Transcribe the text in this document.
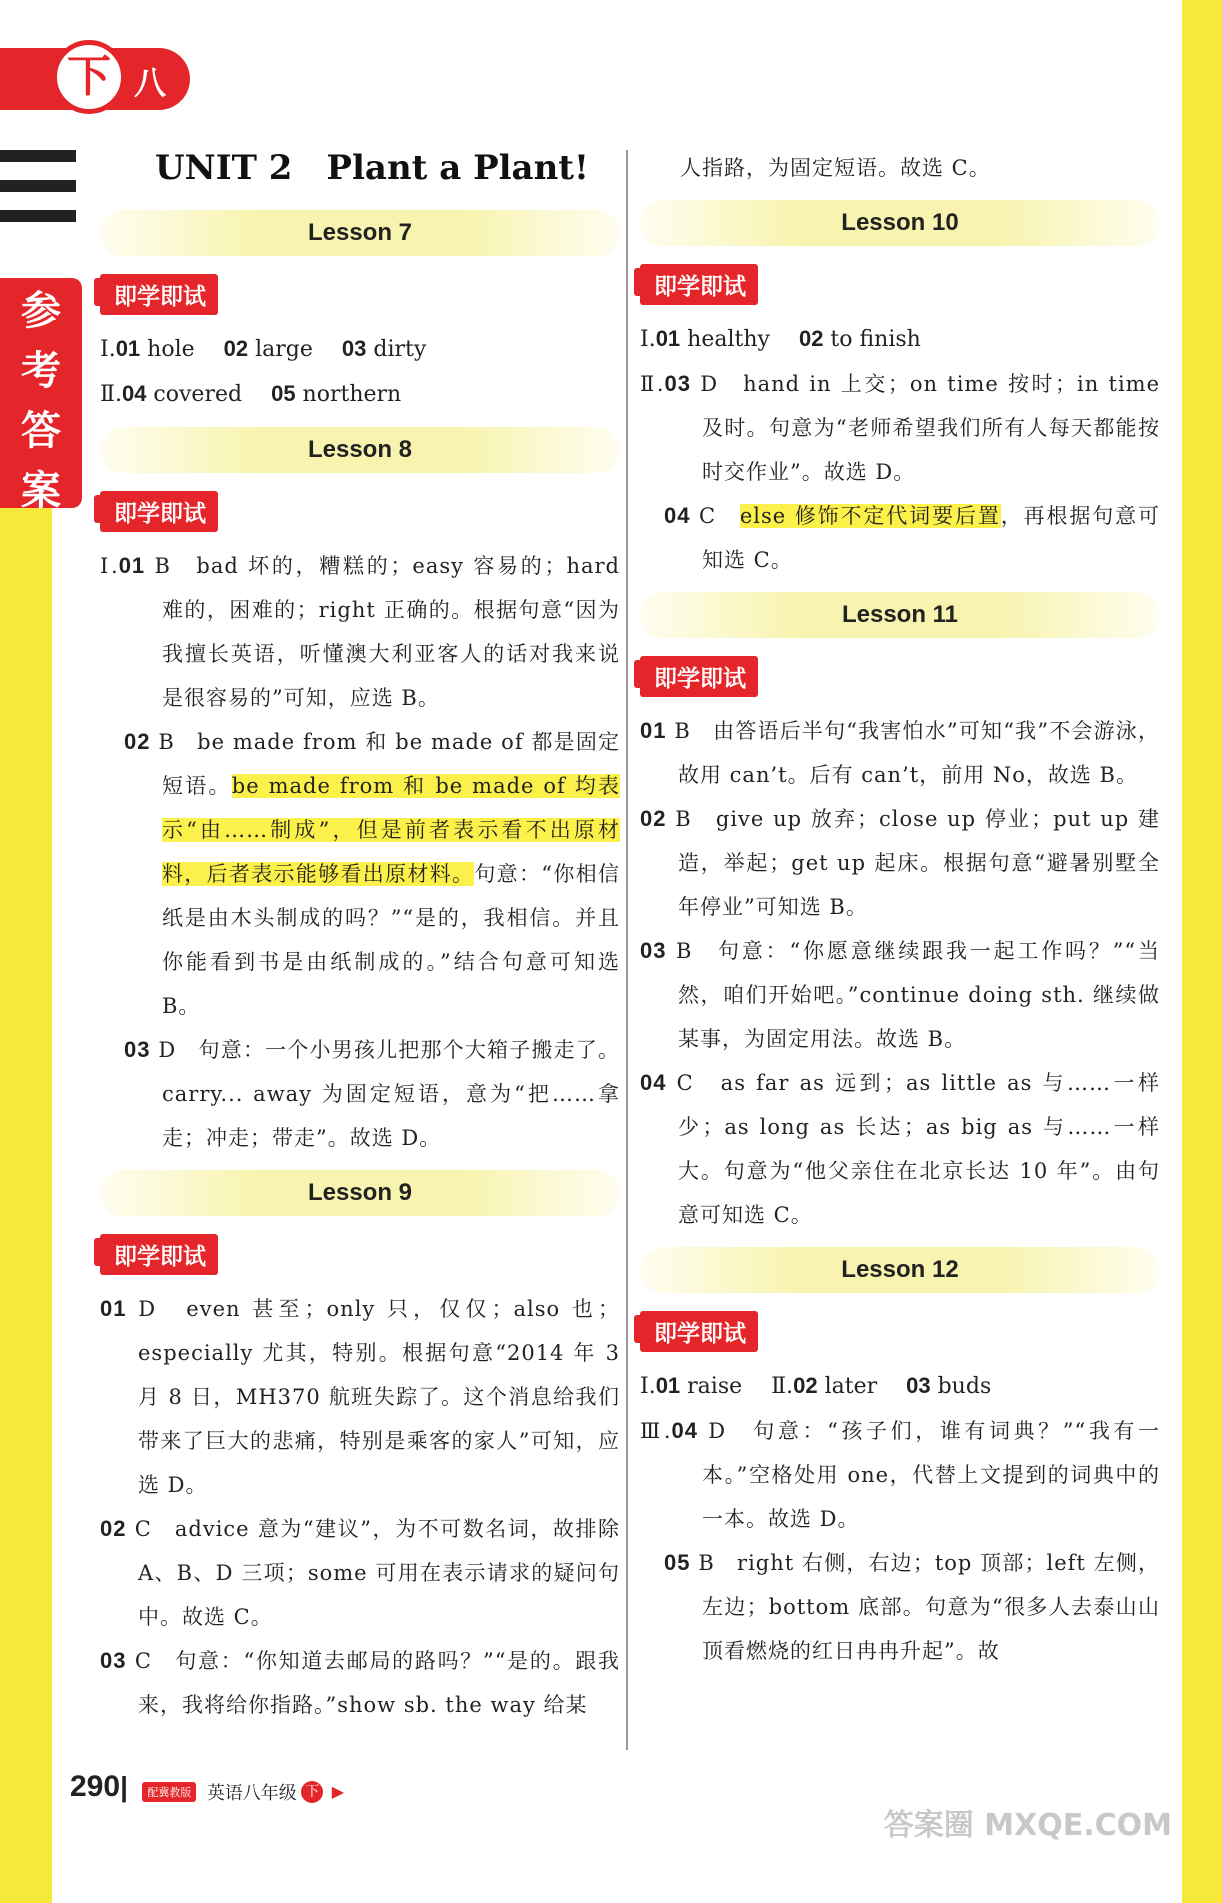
下 八年级
参
考
答
案
UNIT 2　Plant a Plant!
Lesson 7
即学即试

Ⅰ.01 hole　 02 large　 03 dirty

Ⅱ.04 covered　 05 northern

Lesson 8
即学即试

Ⅰ.01 B　bad 坏的，糟糕的；easy 容易的；hard 难的，困难的；right 正确的。根据句意“因为我擅长英语，听懂澳大利亚客人的话对我来说是很容易的”可知，应选 B。

02 B　be made from 和 be made of 都是固定短语。be made from 和 be made of 均表示“由……制成”，但是前者表示看不出原材料，后者表示能够看出原材料。句意：“你相信纸是由木头制成的吗？”“是的，我相信。并且你能看到书是由纸制成的。”结合句意可知选 B。

03 D　句意：一个小男孩儿把那个大箱子搬走了。carry... away 为固定短语，意为“把……拿走；冲走；带走”。故选 D。

Lesson 9
即学即试

01 D　even 甚至；only 只，仅仅；also 也；especially 尤其，特别。根据句意“2014 年 3 月 8 日，MH370 航班失踪了。这个消息给我们带来了巨大的悲痛，特别是乘客的家人”可知，应选 D。

02 C　advice 意为“建议”，为不可数名词，故排除 A、B、D 三项；some 可用在表示请求的疑问句中。故选 C。

03 C　句意：“你知道去邮局的路吗？”“是的。跟我来，我将给你指路。”show sb. the way 给某

人指路，为固定短语。故选 C。

Lesson 10
即学即试

Ⅰ.01 healthy　 02 to finish

Ⅱ.03 D　hand in 上交；on time 按时；in time 及时。句意为“老师希望我们所有人每天都能按时交作业”。故选 D。

04 C　else 修饰不定代词要后置，再根据句意可知选 C。

Lesson 11
即学即试

01 B　由答语后半句“我害怕水”可知“我”不会游泳，故用 can’t。后有 can’t，前用 No，故选 B。

02 B　give up 放弃；close up 停业；put up 建造，举起；get up 起床。根据句意“避暑别墅全年停业”可知选 B。

03 B　句意：“你愿意继续跟我一起工作吗？”“当然，咱们开始吧。”continue doing sth. 继续做某事，为固定用法。故选 B。

04 C　as far as 远到；as little as 与……一样少；as long as 长达；as big as 与……一样大。句意为“他父亲住在北京长达 10 年”。由句意可知选 C。

Lesson 12
即学即试

Ⅰ.01 raise　 Ⅱ.02 later　 03 buds

Ⅲ.04 D　句意：“孩子们，谁有词典？”“我有一本。”空格处用 one，代替上文提到的词典中的一本。故选 D。

05 B　right 右侧，右边；top 顶部；left 左侧，左边；bottom 底部。句意为“很多人去泰山山顶看燃烧的红日冉冉升起”。故

290| 配冀教版 英语八年级 下 ▶
答案圈 MXQE.COM
